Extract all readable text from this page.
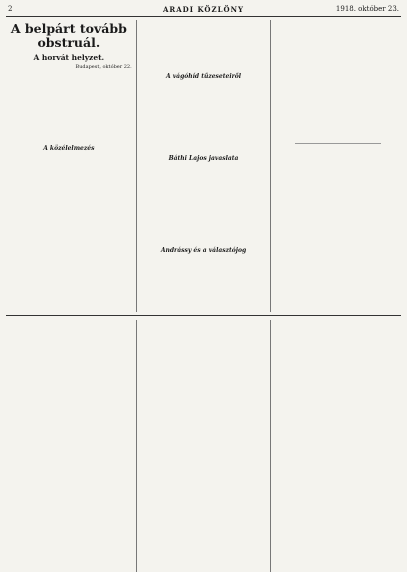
2	ARADI KÖZLÖNY	1918. október 23.
A belpárt tovább obstruál.
A horvát helyzet.
Budapest, október 22.

A közélelmezés

A vágóhíd tűzeseteiről

Báthi Lajos javaslata

Andrássy és a választójog
